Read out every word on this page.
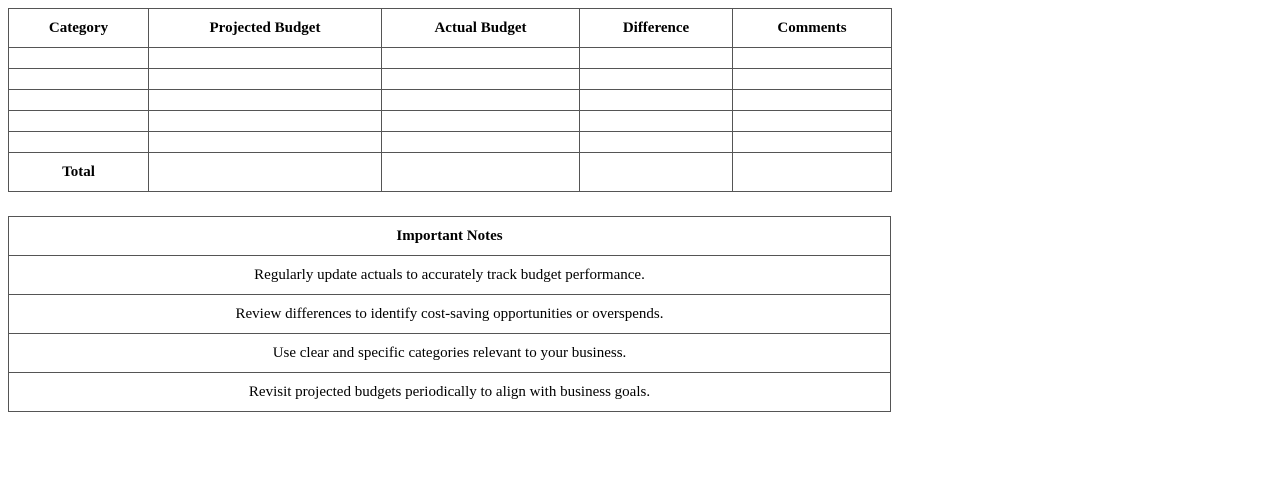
Category	Projected Budget	Actual Budget	Difference	Comments

Total				
Important Notes
Regularly update actuals to accurately track budget performance.
Review differences to identify cost-saving opportunities or overspends.
Use clear and specific categories relevant to your business.
Revisit projected budgets periodically to align with business goals.
